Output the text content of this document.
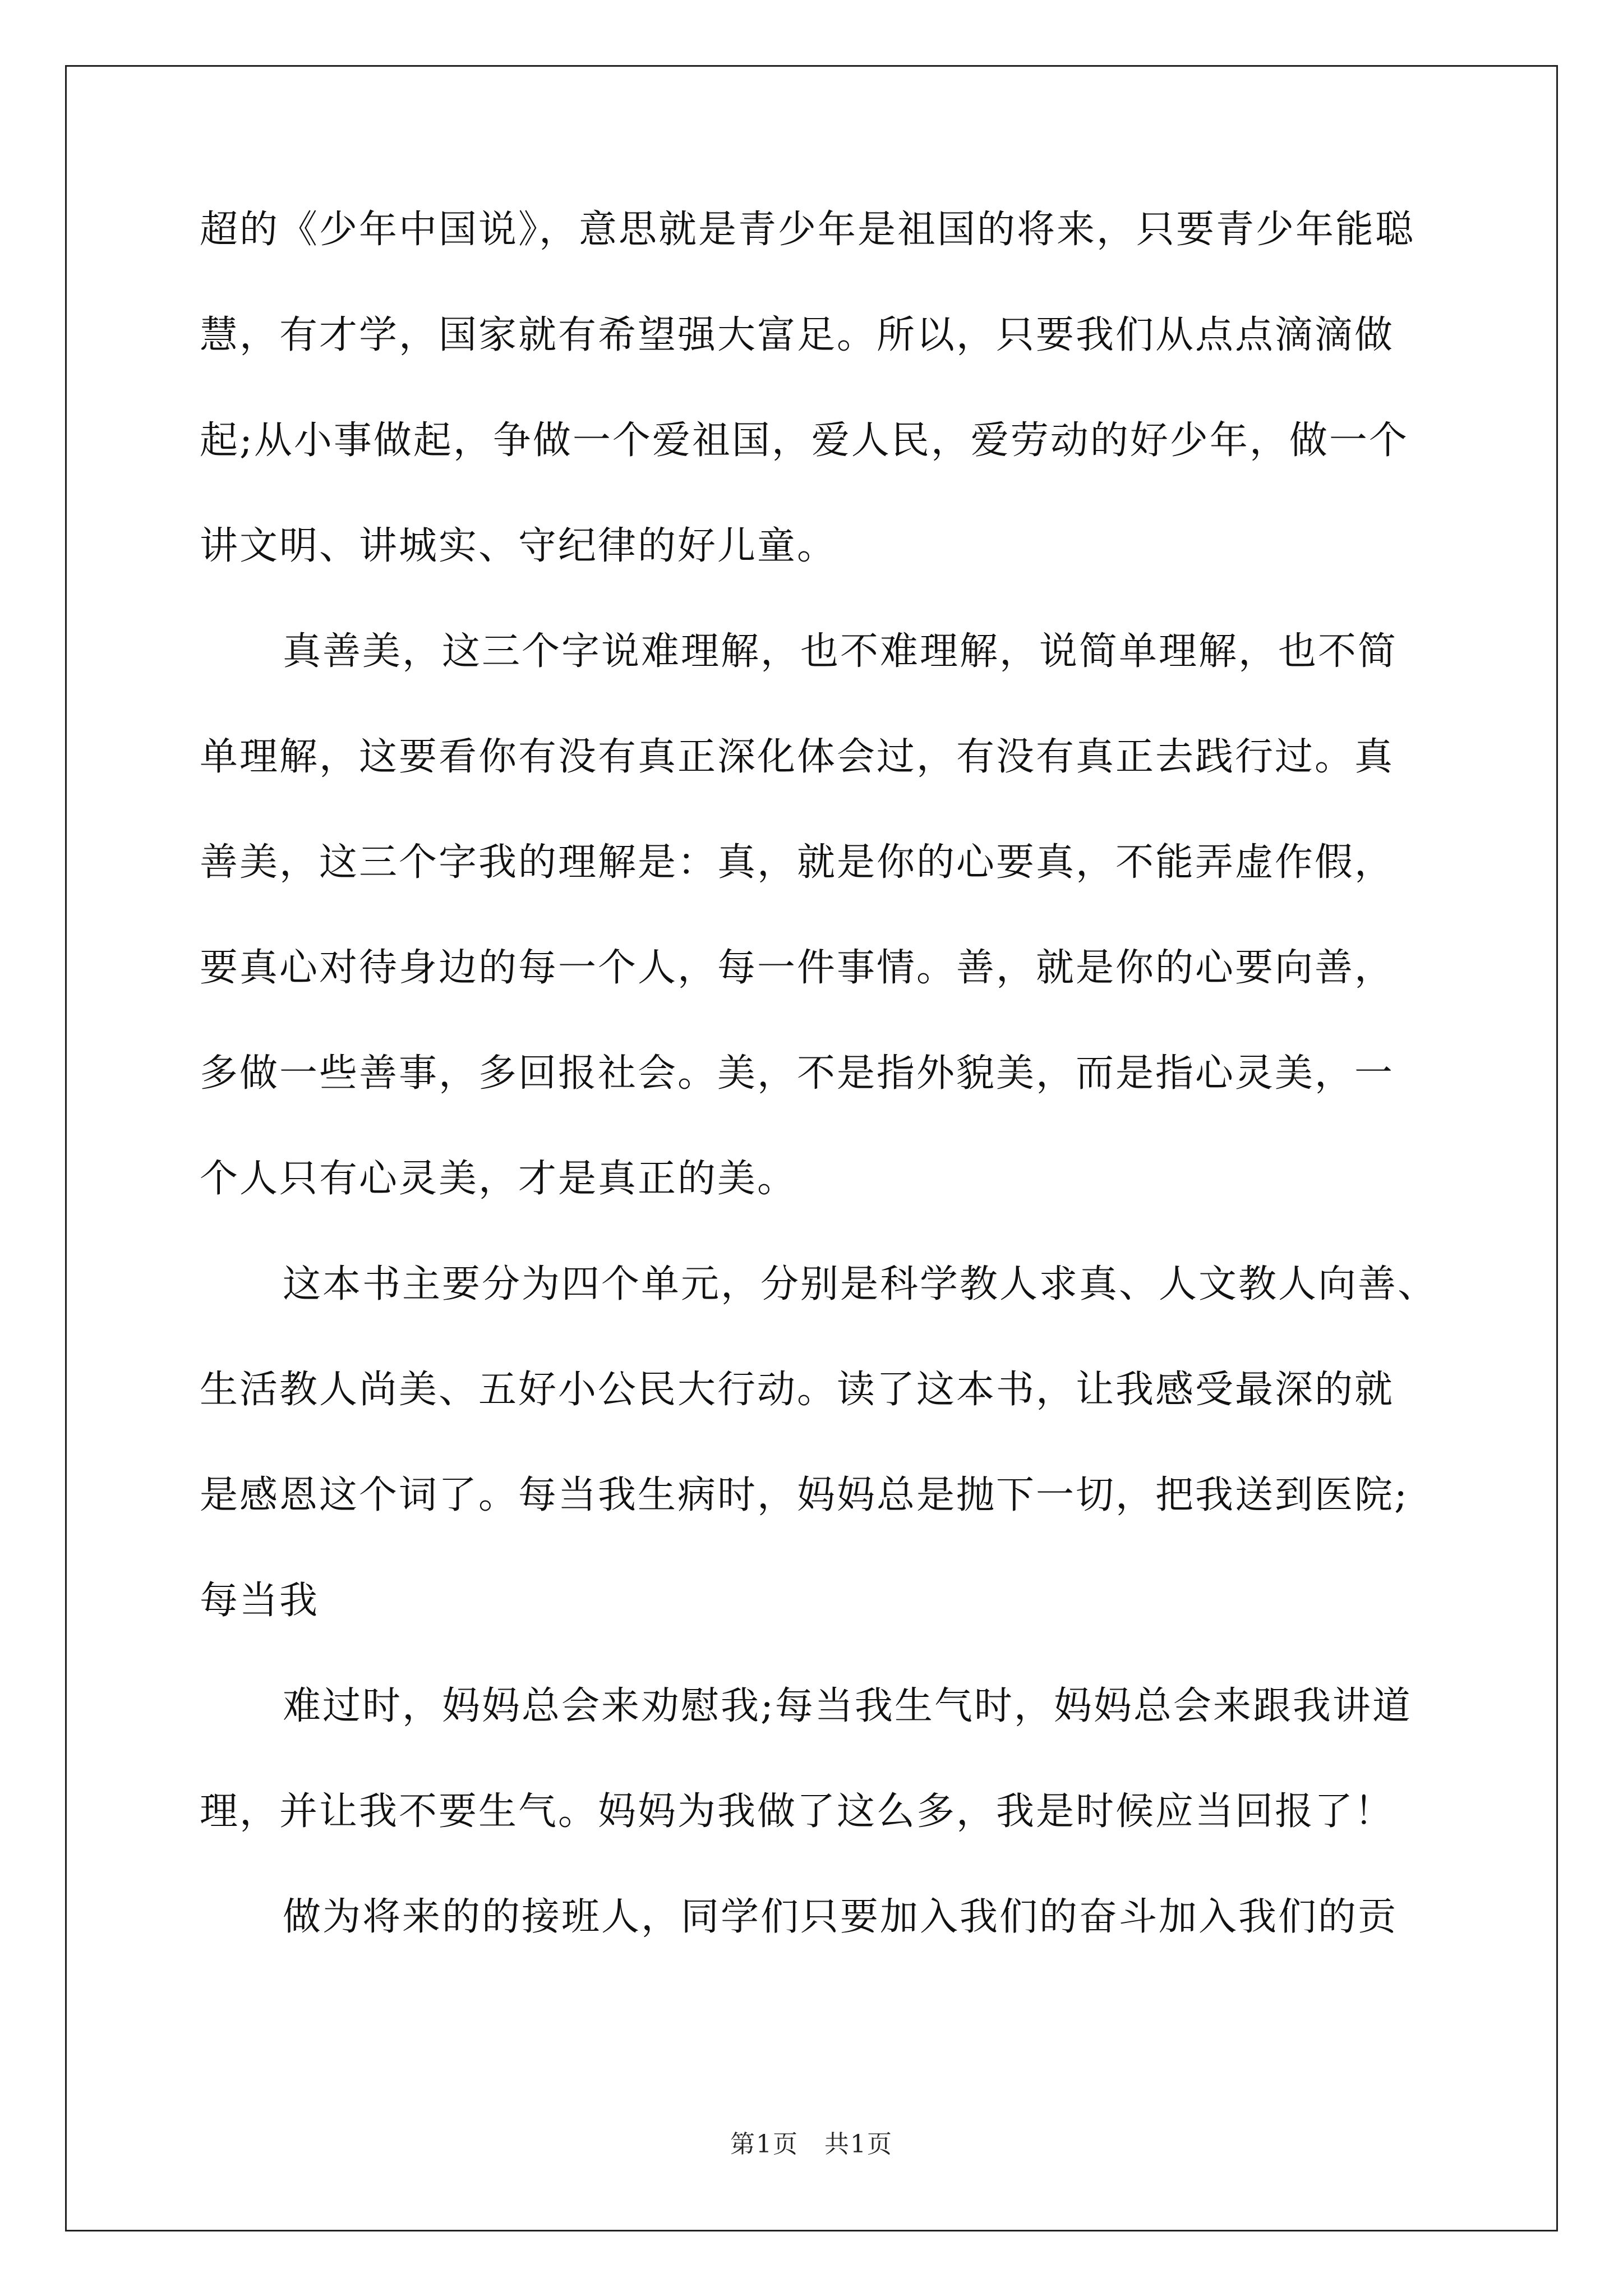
超的《少年中国说》，意思就是青少年是祖国的将来，只要青少年能聪
慧，有才学，国家就有希望强大富足。所以，只要我们从点点滴滴做
起;从小事做起，争做一个爱祖国，爱人民，爱劳动的好少年，做一个
讲文明、讲城实、守纪律的好儿童。
真善美，这三个字说难理解，也不难理解，说简单理解，也不简
单理解，这要看你有没有真正深化体会过，有没有真正去践行过。真
善美，这三个字我的理解是：真，就是你的心要真，不能弄虚作假，
要真心对待身边的每一个人，每一件事情。善，就是你的心要向善，
多做一些善事，多回报社会。美，不是指外貌美，而是指心灵美，一
个人只有心灵美，才是真正的美。
这本书主要分为四个单元，分别是科学教人求真、人文教人向善、
生活教人尚美、五好小公民大行动。读了这本书，让我感受最深的就
是感恩这个词了。每当我生病时，妈妈总是抛下一切，把我送到医院;
每当我
难过时，妈妈总会来劝慰我;每当我生气时，妈妈总会来跟我讲道
理，并让我不要生气。妈妈为我做了这么多，我是时候应当回报了！
做为将来的的接班人，同学们只要加入我们的奋斗加入我们的贡
第1页　共1页
